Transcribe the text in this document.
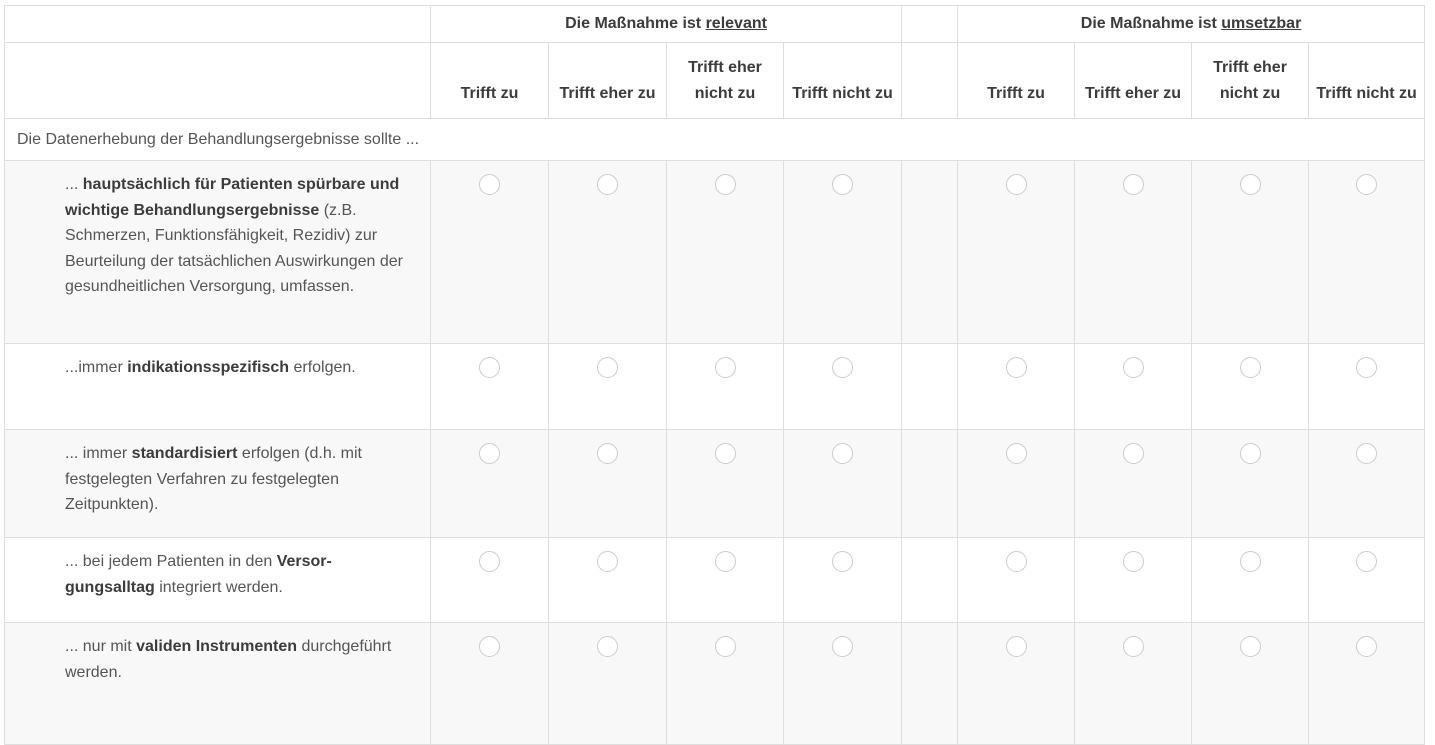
	Die Maßnahme ist relevant					Die Maßnahme ist umsetzbar			
	Trifft zu	Trifft eher zu	Trifft eher nicht zu	Trifft nicht zu		Trifft zu	Trifft eher zu	Trifft eher nicht zu	Trifft nicht zu
Die Datenerhebung der Behandlungsergebnisse sollte ...									
... hauptsächlich für Patienten spürbare und wichtige Behandlungsergebnisse (z.B. Schmerzen, Funktionsfähigkeit, Rezidiv) zur Beurteilung der tatsächlichen Auswirkungen der gesundheitlichen Versorgung, umfassen.									
...immer indikationsspezifisch erfolgen.									
... immer standardisiert erfolgen (d.h. mit festgelegten Verfahren zu festgelegten Zeitpunkten).									
... bei jedem Patienten in den Versorgungsalltag integriert werden.									
... nur mit validen Instrumenten durchgeführt werden.									
